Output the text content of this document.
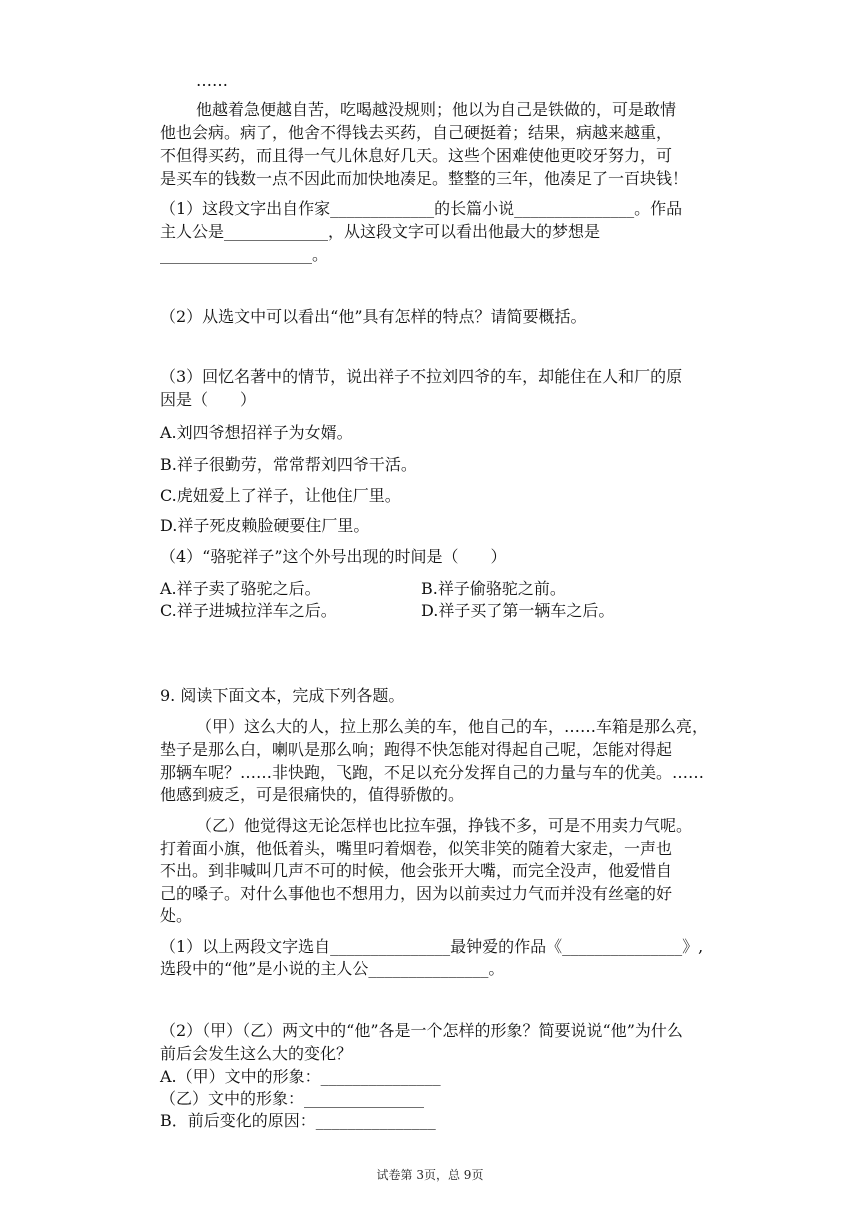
……
他越着急便越自苦，吃喝越没规则；他以为自己是铁做的，可是敢情
他也会病。病了，他舍不得钱去买药，自己硬挺着；结果，病越来越重，
不但得买药，而且得一气儿休息好几天。这些个困难使他更咬牙努力，可
是买车的钱数一点不因此而加快地凑足。整整的三年，他凑足了一百块钱！
（1）这段文字出自作家_____________的长篇小说_______________。作品
主人公是_____________，从这段文字可以看出他最大的梦想是
___________________。
（2）从选文中可以看出“他”具有怎样的特点？请简要概括。
（3）回忆名著中的情节，说出祥子不拉刘四爷的车，却能住在人和厂的原
因是（　　）
A.刘四爷想招祥子为女婿。
B.祥子很勤劳，常常帮刘四爷干活。
C.虎妞爱上了祥子，让他住厂里。
D.祥子死皮赖脸硬要住厂里。
（4）“骆驼祥子”这个外号出现的时间是（　　）
A.祥子卖了骆驼之后。	B.祥子偷骆驼之前。
C.祥子进城拉洋车之后。	D.祥子买了第一辆车之后。
9. 阅读下面文本，完成下列各题。
（甲）这么大的人，拉上那么美的车，他自己的车，……车箱是那么亮，
垫子是那么白，喇叭是那么响；跑得不快怎能对得起自己呢，怎能对得起
那辆车呢？……非快跑，飞跑，不足以充分发挥自己的力量与车的优美。……
他感到疲乏，可是很痛快的，值得骄傲的。
（乙）他觉得这无论怎样也比拉车强，挣钱不多，可是不用卖力气呢。
打着面小旗，他低着头，嘴里叼着烟卷，似笑非笑的随着大家走，一声也
不出。到非喊叫几声不可的时候，他会张开大嘴，而完全没声，他爱惜自
己的嗓子。对什么事他也不想用力，因为以前卖过力气而并没有丝毫的好
处。
（1）以上两段文字选自_______________最钟爱的作品《_______________》,
选段中的“他”是小说的主人公_______________。
（2）（甲）（乙）两文中的“他”各是一个怎样的形象？简要说说“他”为什么
前后会发生这么大的变化？
A.（甲）文中的形象：_______________
（乙）文中的形象：_______________
B．前后变化的原因：_______________
试卷第 3页，总 9页
